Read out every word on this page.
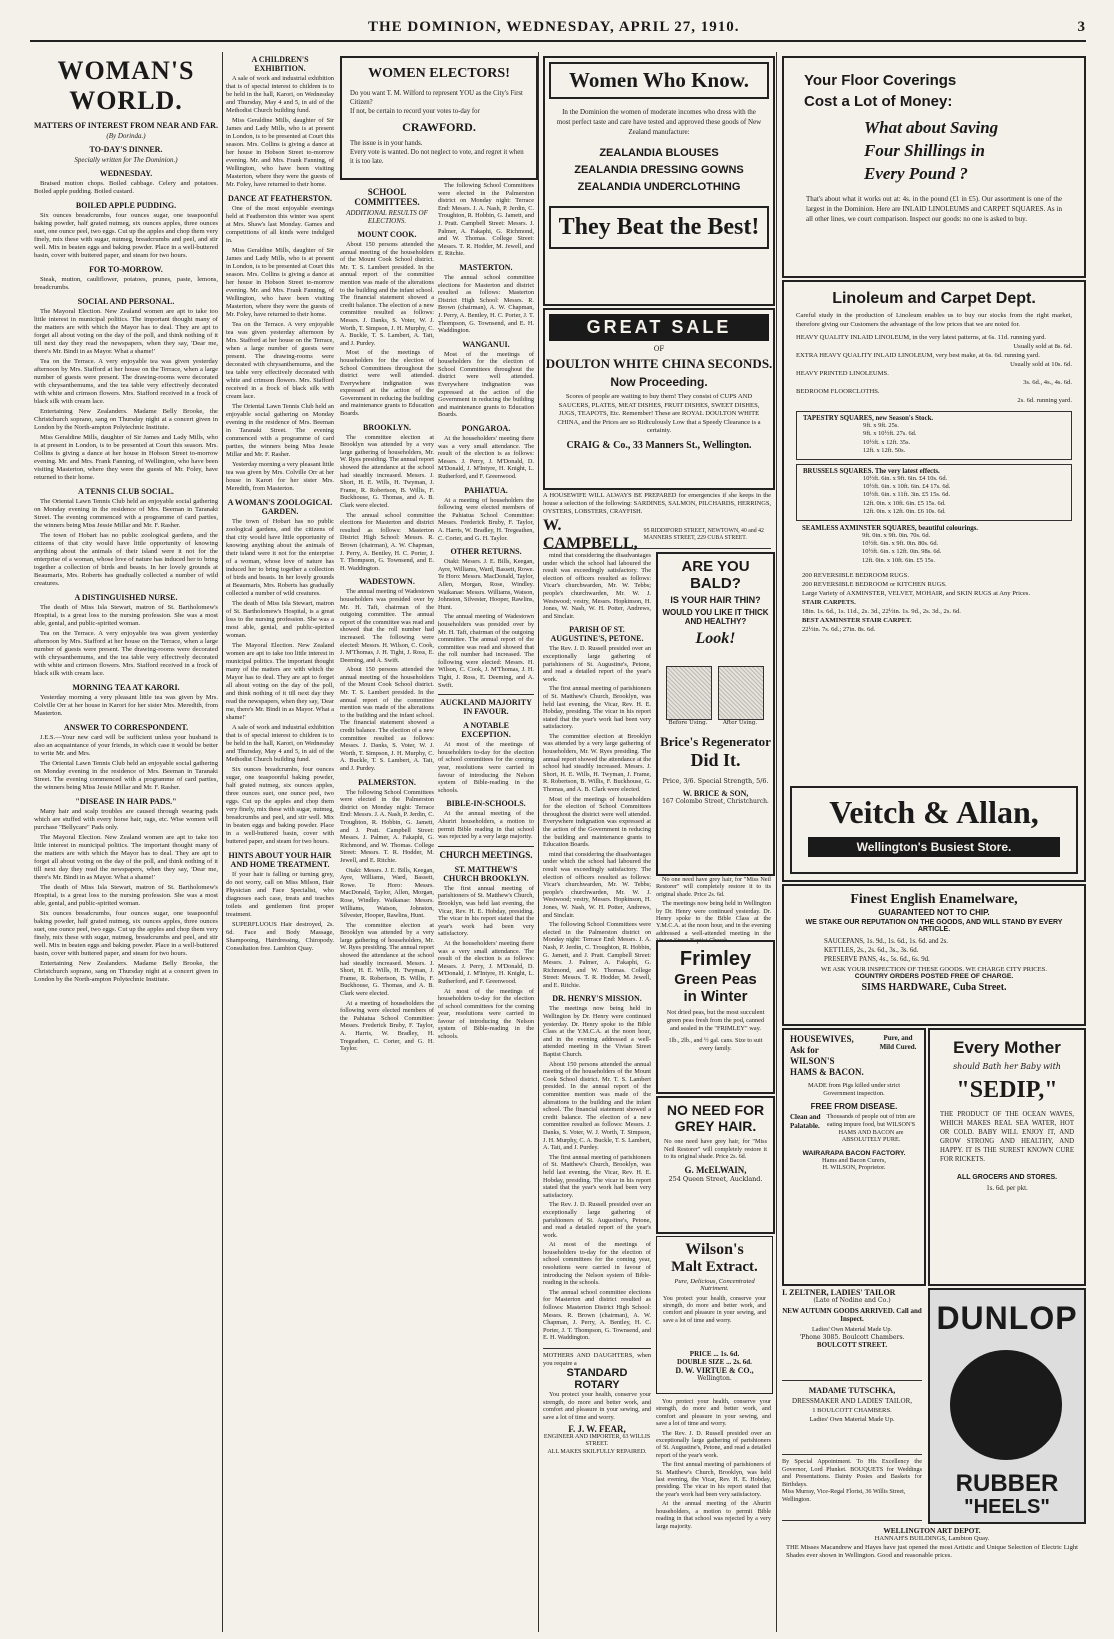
THE DOMINION, WEDNESDAY, APRIL 27, 1910.	3
WOMAN'S WORLD.
MATTERS OF INTEREST FROM NEAR AND FAR.
(By Dorinda.)
TO-DAY'S DINNER.
Specially written for The Dominion.)
WEDNESDAY.

Braised mutton chops. Boiled cabbage. Celery and potatoes. Boiled apple pudding. Boiled custard.

BOILED APPLE PUDDING.

Six ounces breadcrumbs, four ounces sugar, one teaspoonful baking powder, half grated nutmeg, six ounces apples, three ounces suet, one ounce peel, two eggs. Cut up the apples and chop them very finely, mix these with sugar, nutmeg, breadcrumbs and peel, and stir well. Mix in beaten eggs and baking powder. Place in a well-buttered basin, cover with buttered paper, and steam for two hours.

FOR TO-MORROW.

Steak, mutton, cauliflower, potatoes, prunes, paste, lemons, breadcrumbs.

SOCIAL AND PERSONAL.

The Mayoral Election. New Zealand women are apt to take too little interest in municipal politics. The important thought many of the matters are with which the Mayor has to deal. They are apt to forget all about voting on the day of the poll, and think nothing of it till next day they read the newspapers, when they say, 'Dear me, there's Mr. Bindi in as Mayor. What a shame!'

Tea on the Terrace. A very enjoyable tea was given yesterday afternoon by Mrs. Stafford at her house on the Terrace, when a large number of guests were present. The drawing-rooms were decorated with chrysanthemums, and the tea table very effectively decorated with white and crimson flowers. Mrs. Stafford received in a frock of black silk with cream lace.

Entertaining New Zealanders. Madame Belly Brooke, the Christchurch soprano, sang on Thursday night at a concert given in London by the North-ampton Polytechnic Institute.

Miss Geraldine Mills, daughter of Sir James and Lady Mills, who is at present in London, is to be presented at Court this season. Mrs. Collins is giving a dance at her house in Hobson Street to-morrow evening. Mr. and Mrs. Frank Fanning, of Wellington, who have been visiting Masterton, where they were the guests of Mr. Foley, have returned to their home.

A TENNIS CLUB SOCIAL.

The Oriental Lawn Tennis Club held an enjoyable social gathering on Monday evening in the residence of Mrs. Beeman in Taranaki Street. The evening commenced with a programme of card parties, the winners being Miss Jessie Millar and Mr. F. Rasher.

The town of Hobart has no public zoological gardens, and the citizens of that city would have little opportunity of knowing anything about the animals of their island were it not for the enterprise of a woman, whose love of nature has induced her to bring together a collection of birds and beasts. In her lovely grounds at Beaumaris, Mrs. Roberts has gradually collected a number of wild creatures.

A DISTINGUISHED NURSE.

The death of Miss Isla Stewart, matron of St. Bartholomew's Hospital, is a great loss to the nursing profession. She was a most able, genial, and public-spirited woman.

Tea on the Terrace. A very enjoyable tea was given yesterday afternoon by Mrs. Stafford at her house on the Terrace, when a large number of guests were present. The drawing-rooms were decorated with chrysanthemums, and the tea table very effectively decorated with white and crimson flowers. Mrs. Stafford received in a frock of black silk with cream lace.

MORNING TEA AT KARORI.

Yesterday morning a very pleasant little tea was given by Mrs. Colville Orr at her house in Karori for her sister Mrs. Meredith, from Masterton.

ANSWER TO CORRESPONDENT.

J.E.S.—Your new card will be sufficient unless your husband is also an acquaintance of your friends, in which case it would be better to write Mr. and Mrs.

The Oriental Lawn Tennis Club held an enjoyable social gathering on Monday evening in the residence of Mrs. Beeman in Taranaki Street. The evening commenced with a programme of card parties, the winners being Miss Jessie Millar and Mr. F. Rasher.

"DISEASE IN HAIR PADS."

Many hair and scalp troubles are caused through wearing pads which are stuffed with every horse hair, rags, etc. Wise women will purchase "Bellycare" Pads only.

The Mayoral Election. New Zealand women are apt to take too little interest in municipal politics. The important thought many of the matters are with which the Mayor has to deal. They are apt to forget all about voting on the day of the poll, and think nothing of it till next day they read the newspapers, when they say, 'Dear me, there's Mr. Bindi in as Mayor. What a shame!'

The death of Miss Isla Stewart, matron of St. Bartholomew's Hospital, is a great loss to the nursing profession. She was a most able, genial, and public-spirited woman.

Six ounces breadcrumbs, four ounces sugar, one teaspoonful baking powder, half grated nutmeg, six ounces apples, three ounces suet, one ounce peel, two eggs. Cut up the apples and chop them very finely, mix these with sugar, nutmeg, breadcrumbs and peel, and stir well. Mix in beaten eggs and baking powder. Place in a well-buttered basin, cover with buttered paper, and steam for two hours.

Entertaining New Zealanders. Madame Belly Brooke, the Christchurch soprano, sang on Thursday night at a concert given in London by the North-ampton Polytechnic Institute.

A CHILDREN'S EXHIBITION.

A sale of work and industrial exhibition that is of special interest to children is to be held in the hall, Karori, on Wednesday and Thursday, May 4 and 5, in aid of the Methodist Church building fund.

Miss Geraldine Mills, daughter of Sir James and Lady Mills, who is at present in London, is to be presented at Court this season. Mrs. Collins is giving a dance at her house in Hobson Street to-morrow evening. Mr. and Mrs. Frank Fanning, of Wellington, who have been visiting Masterton, where they were the guests of Mr. Foley, have returned to their home.

DANCE AT FEATHERSTON.

One of the most enjoyable evenings held at Featherston this winter was spent at Mrs. Shaw's last Monday. Games and competitions of all kinds were indulged in.

Miss Geraldine Mills, daughter of Sir James and Lady Mills, who is at present in London, is to be presented at Court this season. Mrs. Collins is giving a dance at her house in Hobson Street to-morrow evening. Mr. and Mrs. Frank Fanning, of Wellington, who have been visiting Masterton, where they were the guests of Mr. Foley, have returned to their home.

Tea on the Terrace. A very enjoyable tea was given yesterday afternoon by Mrs. Stafford at her house on the Terrace, when a large number of guests were present. The drawing-rooms were decorated with chrysanthemums, and the tea table very effectively decorated with white and crimson flowers. Mrs. Stafford received in a frock of black silk with cream lace.

The Oriental Lawn Tennis Club held an enjoyable social gathering on Monday evening in the residence of Mrs. Beeman in Taranaki Street. The evening commenced with a programme of card parties, the winners being Miss Jessie Millar and Mr. F. Rasher.

Yesterday morning a very pleasant little tea was given by Mrs. Colville Orr at her house in Karori for her sister Mrs. Meredith, from Masterton.

A WOMAN'S ZOOLOGICAL GARDEN.

The town of Hobart has no public zoological gardens, and the citizens of that city would have little opportunity of knowing anything about the animals of their island were it not for the enterprise of a woman, whose love of nature has induced her to bring together a collection of birds and beasts. In her lovely grounds at Beaumaris, Mrs. Roberts has gradually collected a number of wild creatures.

The death of Miss Isla Stewart, matron of St. Bartholomew's Hospital, is a great loss to the nursing profession. She was a most able, genial, and public-spirited woman.

The Mayoral Election. New Zealand women are apt to take too little interest in municipal politics. The important thought many of the matters are with which the Mayor has to deal. They are apt to forget all about voting on the day of the poll, and think nothing of it till next day they read the newspapers, when they say, 'Dear me, there's Mr. Bindi in as Mayor. What a shame!'

A sale of work and industrial exhibition that is of special interest to children is to be held in the hall, Karori, on Wednesday and Thursday, May 4 and 5, in aid of the Methodist Church building fund.

Six ounces breadcrumbs, four ounces sugar, one teaspoonful baking powder, half grated nutmeg, six ounces apples, three ounces suet, one ounce peel, two eggs. Cut up the apples and chop them very finely, mix these with sugar, nutmeg, breadcrumbs and peel, and stir well. Mix in beaten eggs and baking powder. Place in a well-buttered basin, cover with buttered paper, and steam for two hours.

HINTS ABOUT YOUR HAIR AND HOME TREATMENT.

If your hair is falling or turning grey, do not worry, call on Miss Milson, Hair Physician and Face Specialist, who diagnoses each case, treats and teaches toilets and gentlemen first proper treatment.

SUPERFLUOUS Hair destroyed, 2s. 6d. Face and Body Massage, Shampooing, Hairdressing, Chiropody. Consultation free. Lambton Quay.

WOMEN ELECTORS!
Do you want T. M. Wilford to represent YOU as the City's First Citizen?
If not, be certain to record your votes to-day for
CRAWFORD.
The issue is in your hands.
Every vote is wanted. Do not neglect to vote, and regret it when it is too late.
SCHOOL COMMITTEES.
ADDITIONAL RESULTS OF ELECTIONS.
MOUNT COOK.

About 150 persons attended the annual meeting of the householders of the Mount Cook School district. Mr. T. S. Lambert presided. In the annual report of the committee mention was made of the alterations to the building and the infant school. The financial statement showed a credit balance. The election of a new committee resulted as follows: Messrs. J. Danks, S. Voter, W. J. Worth, T. Simpson, J. H. Murphy, C. A. Buckle, T. S. Lambert, A. Tait, and J. Purdey.

Most of the meetings of householders for the election of School Committees throughout the district were well attended. Everywhere indignation was expressed at the action of the Government in reducing the building and maintenance grants to Education Boards.

BROOKLYN.

The committee election at Brooklyn was attended by a very large gathering of householders, Mr. W. Ryes presiding. The annual report showed the attendance at the school had steadily increased. Messrs. J. Short, H. E. Wills, H. Twyman, J. Frame, R. Robertson, B. Willis, F. Buckhouse, G. Thomas, and A. B. Clark were elected.

The annual school committee elections for Masterton and district resulted as follows: Masterton District High School: Messrs. R. Brown (chairman), A. W. Chapman, J. Perry, A. Bentley, H. C. Porter, J. T. Thompson, G. Townsend, and E. H. Waddington.

WADESTOWN.

The annual meeting of Wadestown householders was presided over by Mr. H. Taft, chairman of the outgoing committee. The annual report of the committee was read and showed that the roll number had increased. The following were elected: Messrs. H. Wilson, C. Cook, J. M'Thomas, J. H. Tight, J. Ross, E. Deeming, and A. Swift.

About 150 persons attended the annual meeting of the householders of the Mount Cook School district. Mr. T. S. Lambert presided. In the annual report of the committee mention was made of the alterations to the building and the infant school. The financial statement showed a credit balance. The election of a new committee resulted as follows: Messrs. J. Danks, S. Voter, W. J. Worth, T. Simpson, J. H. Murphy, C. A. Buckle, T. S. Lambert, A. Tait, and J. Purdey.

PALMERSTON.

The following School Committees were elected in the Palmerston district on Monday night: Terrace End: Messrs. J. A. Nash, P. Jerdin, C. Troughton, R. Hobbin, G. Jamett, and J. Pratt. Campbell Street: Messrs. J. Palmer, A. Fakaphi, G. Richmond, and W. Thomas. College Street: Messrs. T. R. Hodder, M. Jewell, and E. Ritchie.

Otaki: Messrs. J. E. Bills, Keegan, Ayre, Williams, Ward, Bassett, Rowe. Te Horo: Messrs. MacDonald, Taylor, Allen, Morgan, Rose, Windley. Waikanae: Messrs. Williams, Watson, Johnston, Silvester, Hooper, Rawlins, Hunt.

The committee election at Brooklyn was attended by a very large gathering of householders, Mr. W. Ryes presiding. The annual report showed the attendance at the school had steadily increased. Messrs. J. Short, H. E. Wills, H. Twyman, J. Frame, R. Robertson, B. Willis, F. Buckhouse, G. Thomas, and A. B. Clark were elected.

At a meeting of householders the following were elected members of the Pahiatua School Committee: Messrs. Frederick Bruby, F. Taylor, A. Harris, W. Bradley, H. Tregeathen, C. Corter, and G. H. Taylor.

The following School Committees were elected in the Palmerston district on Monday night: Terrace End: Messrs. J. A. Nash, P. Jerdin, C. Troughton, R. Hobbin, G. Jamett, and J. Pratt. Campbell Street: Messrs. J. Palmer, A. Fakaphi, G. Richmond, and W. Thomas. College Street: Messrs. T. R. Hodder, M. Jewell, and E. Ritchie.

MASTERTON.

The annual school committee elections for Masterton and district resulted as follows: Masterton District High School: Messrs. R. Brown (chairman), A. W. Chapman, J. Perry, A. Bentley, H. C. Porter, J. T. Thompson, G. Townsend, and E. H. Waddington.

WANGANUI.

Most of the meetings of householders for the election of School Committees throughout the district were well attended. Everywhere indignation was expressed at the action of the Government in reducing the building and maintenance grants to Education Boards.

PONGAROA.

At the householders' meeting there was a very small attendance. The result of the election is as follows: Messrs. J. Perry, J. M'Donald, D. M'Donald, J. M'Intyre, H. Knight, L. Rutherford, and F. Greenwood.

PAHIATUA.

At a meeting of householders the following were elected members of the Pahiatua School Committee: Messrs. Frederick Bruby, F. Taylor, A. Harris, W. Bradley, H. Tregeathen, C. Corter, and G. H. Taylor.

OTHER RETURNS.

Otaki: Messrs. J. E. Bills, Keegan, Ayre, Williams, Ward, Bassett, Rowe. Te Horo: Messrs. MacDonald, Taylor, Allen, Morgan, Rose, Windley. Waikanae: Messrs. Williams, Watson, Johnston, Silvester, Hooper, Rawlins, Hunt.

The annual meeting of Wadestown householders was presided over by Mr. H. Taft, chairman of the outgoing committee. The annual report of the committee was read and showed that the roll number had increased. The following were elected: Messrs. H. Wilson, C. Cook, J. M'Thomas, J. H. Tight, J. Ross, E. Deeming, and A. Swift.

AUCKLAND MAJORITY IN FAVOUR.
A NOTABLE EXCEPTION.

At most of the meetings of householders to-day for the election of school committees for the coming year, resolutions were carried in favour of introducing the Nelson system of Bible-reading in the schools.

BIBLE-IN-SCHOOLS.

At the annual meeting of the Ahuriri householders, a motion to permit Bible reading in that school was rejected by a very large majority.

CHURCH MEETINGS.
ST. MATTHEW'S CHURCH BROOKLYN.

The first annual meeting of parishioners of St. Matthew's Church, Brooklyn, was held last evening, the Vicar, Rev. H. E. Hobday, presiding. The vicar in his report stated that the year's work had been very satisfactory.

At the householders' meeting there was a very small attendance. The result of the election is as follows: Messrs. J. Perry, J. M'Donald, D. M'Donald, J. M'Intyre, H. Knight, L. Rutherford, and F. Greenwood.

At most of the meetings of householders to-day for the election of school committees for the coming year, resolutions were carried in favour of introducing the Nelson system of Bible-reading in the schools.

Women Who Know.
In the Dominion the women of moderate incomes who dress with the most perfect taste and care have tested and approved these goods of New Zealand manufacture:
ZEALANDIA BLOUSES
ZEALANDIA DRESSING GOWNS
ZEALANDIA UNDERCLOTHING
They Beat the Best!
GREAT SALE
OF
DOULTON WHITE CHINA SECONDS.
Now Proceeding.
Scores of people are waiting to buy them! They consist of CUPS AND SAUCERS, PLATES, MEAT DISHES, FRUIT DISHES, SWEET DISHES, JUGS, TEAPOTS, Etc. Remember! These are ROYAL DOULTON WHITE CHINA, and the Prices are so Ridiculously Low that a Speedy Clearance is a certainty.
CRAIG & Co., 33 Manners St., Wellington.
A HOUSEWIFE WILL ALWAYS BE PREPARED for emergencies if she keeps in the house a selection of the following: SARDINES, SALMON, PILCHARDS, HERRINGS, OYSTERS, LOBSTERS, CRAYFISH.
W. CAMPBELL,
95 RIDDIFORD STREET, NEWTOWN, 40 and 42 MANNERS STREET, 229 CUBA STREET.

mind that considering the disadvantages under which the school had laboured the result was exceedingly satisfactory. The election of officers resulted as follows: Vicar's churchwarden, Mr. W. Tebbs; people's churchwarden, Mr. W. J. Westwood; vestry, Messrs. Hopkinson, H. Jones, W. Nash, W. H. Potter, Andrews, and Sinclair.

PARISH OF ST. AUGUSTINE'S, PETONE.

The Rev. J. D. Russell presided over an exceptionally large gathering of parishioners of St. Augustine's, Petone, and read a detailed report of the year's work.

The first annual meeting of parishioners of St. Matthew's Church, Brooklyn, was held last evening, the Vicar, Rev. H. E. Hobday, presiding. The vicar in his report stated that the year's work had been very satisfactory.

The committee election at Brooklyn was attended by a very large gathering of householders, Mr. W. Ryes presiding. The annual report showed the attendance at the school had steadily increased. Messrs. J. Short, H. E. Wills, H. Twyman, J. Frame, R. Robertson, B. Willis, F. Buckhouse, G. Thomas, and A. B. Clark were elected.

Most of the meetings of householders for the election of School Committees throughout the district were well attended. Everywhere indignation was expressed at the action of the Government in reducing the building and maintenance grants to Education Boards.

mind that considering the disadvantages under which the school had laboured the result was exceedingly satisfactory. The election of officers resulted as follows: Vicar's churchwarden, Mr. W. Tebbs; people's churchwarden, Mr. W. J. Westwood; vestry, Messrs. Hopkinson, H. Jones, W. Nash, W. H. Potter, Andrews, and Sinclair.

The following School Committees were elected in the Palmerston district on Monday night: Terrace End: Messrs. J. A. Nash, P. Jerdin, C. Troughton, R. Hobbin, G. Jamett, and J. Pratt. Campbell Street: Messrs. J. Palmer, A. Fakaphi, G. Richmond, and W. Thomas. College Street: Messrs. T. R. Hodder, M. Jewell, and E. Ritchie.

DR. HENRY'S MISSION.

The meetings now being held in Wellington by Dr. Henry were continued yesterday. Dr. Henry spoke to the Bible Class at the Y.M.C.A. at the noon hour, and in the evening addressed a well-attended meeting in the Vivian Street Baptist Church.

About 150 persons attended the annual meeting of the householders of the Mount Cook School district. Mr. T. S. Lambert presided. In the annual report of the committee mention was made of the alterations to the building and the infant school. The financial statement showed a credit balance. The election of a new committee resulted as follows: Messrs. J. Danks, S. Voter, W. J. Worth, T. Simpson, J. H. Murphy, C. A. Buckle, T. S. Lambert, A. Tait, and J. Purdey.

The first annual meeting of parishioners of St. Matthew's Church, Brooklyn, was held last evening, the Vicar, Rev. H. E. Hobday, presiding. The vicar in his report stated that the year's work had been very satisfactory.

The Rev. J. D. Russell presided over an exceptionally large gathering of parishioners of St. Augustine's, Petone, and read a detailed report of the year's work.

At most of the meetings of householders to-day for the election of school committees for the coming year, resolutions were carried in favour of introducing the Nelson system of Bible-reading in the schools.

The annual school committee elections for Masterton and district resulted as follows: Masterton District High School: Messrs. R. Brown (chairman), A. W. Chapman, J. Perry, A. Bentley, H. C. Porter, J. T. Thompson, G. Townsend, and E. H. Waddington.

MOTHERS AND DAUGHTERS, when you require a
STANDARD ROTARY

You protect your health, conserve your strength, do more and better work, and comfort and pleasure in your sewing, and save a lot of time and worry.

F. J. W. FEAR,
ENGINEER AND IMPORTER, 63 WILLIS STREET.
ALL MAKES SKILFULLY REPAIRED.
ARE YOU BALD?
IS YOUR HAIR THIN?
WOULD YOU LIKE IT THICK AND HEALTHY?
Look!
Before Using.	After Using.
Brice's Regenerator
Did It.
Price, 3/6. Special Strength, 5/6.
W. BRICE & SON,
167 Colombo Street, Christchurch.

No one need have grey hair, for "Miss Neil Restorer" will completely restore it to its original shade. Price 2s. 6d.

The meetings now being held in Wellington by Dr. Henry were continued yesterday. Dr. Henry spoke to the Bible Class at the Y.M.C.A. at the noon hour, and in the evening addressed a well-attended meeting in the Vivian Street Baptist Church.

Frimley
Green Peas
in Winter
Not dried peas, but the most succulent green peas fresh from the pod, canned and sealed in the "FRIMLEY" way.
1lb., 2lb., and ½ gal. cans. Size to suit every family.
NO NEED FOR GREY HAIR.
No one need have grey hair, for "Miss Neil Restorer" will completely restore it to its original shade. Price 2s. 6d.
G. McELWAIN,
254 Queen Street, Auckland.
Wilson's
Malt Extract.
Pure, Delicious, Concentrated Nutriment.
You protect your health, conserve your strength, do more and better work, and comfort and pleasure in your sewing, and save a lot of time and worry.
PRICE ... 1s. 6d.
DOUBLE SIZE ... 2s. 6d.
D. W. VIRTUE & CO.,
Wellington.

You protect your health, conserve your strength, do more and better work, and comfort and pleasure in your sewing, and save a lot of time and worry.

The Rev. J. D. Russell presided over an exceptionally large gathering of parishioners of St. Augustine's, Petone, and read a detailed report of the year's work.

The first annual meeting of parishioners of St. Matthew's Church, Brooklyn, was held last evening, the Vicar, Rev. H. E. Hobday, presiding. The vicar in his report stated that the year's work had been very satisfactory.

At the annual meeting of the Ahuriri householders, a motion to permit Bible reading in that school was rejected by a very large majority.

Your Floor Coverings
Cost a Lot of Money:
What about Saving
Four Shillings in
Every Pound ?
That's about what it works out at: 4s. in the pound (£1 in £5). Our assortment is one of the largest in the Dominion. Here are INLAID LINOLEUMS and CARPET SQUARES. As in all other lines, we court comparison. Inspect our goods: no one is asked to buy.
Linoleum and Carpet Dept.
Careful study in the production of Linoleum enables us to buy our stocks from the right market, therefore giving our Customers the advantage of the low prices that we are noted for.
HEAVY QUALITY INLAID LINOLEUM, in the very latest patterns, at 6s. 11d. running yard.
Usually sold at 8s. 6d.
EXTRA HEAVY QUALITY INLAID LINOLEUM, very best make, at 6s. 6d. running yard.
Usually sold at 10s. 6d.
HEAVY PRINTED LINOLEUMS.
3s. 6d., 4s., 4s. 6d.
BEDROOM FLOORCLOTHS.
2s. 6d. running yard.
TAPESTRY SQUARES, new Season's Stock.
9ft. x 9ft. 25s.
9ft. x 10½ft. 27s. 6d.
10½ft. x 12ft. 35s.
12ft. x 12ft. 50s.
BRUSSELS SQUARES. The very latest effects.
10½ft. 6in. x 9ft. 6in. £4 10s. 6d.
10½ft. 6in. x 10ft. 6in. £4 17s. 6d.
10½ft. 6in. x 11ft. 3in. £5 15s. 6d.
12ft. 0in. x 10ft. 6in. £5 15s. 6d.
12ft. 0in. x 12ft. 0in. £6 10s. 6d.
SEAMLESS AXMINSTER SQUARES, beautiful colourings.
9ft. 0in. x 9ft. 0in. 70s. 6d.
10½ft. 6in. x 9ft. 0in. 80s. 6d.
10½ft. 6in. x 12ft. 0in. 98s. 6d.
12ft. 0in. x 10ft. 6in. £5 15s.
200 REVERSIBLE BEDROOM RUGS.
200 REVERSIBLE BEDROOM or KITCHEN RUGS.
Large Variety of AXMINSTER, VELVET, MOHAIR, and SKIN RUGS at Any Prices.
STAIR CARPETS.
18in. 1s. 6d., 1s. 11d., 2s. 3d., 22½in. 1s. 9d., 2s. 3d., 2s. 6d.
BEST AXMINSTER STAIR CARPET.
22½in. 7s. 6d.; 27in. 8s. 6d.
Veitch & Allan,
Wellington's Busiest Store.
Finest English Enamelware,
GUARANTEED NOT TO CHIP.
WE STAKE OUR REPUTATION ON THE GOODS, AND WILL STAND BY EVERY ARTICLE.
SAUCEPANS, 1s. 9d., 1s. 6d., 1s. 6d. and 2s.
KETTLES, 2s., 2s. 6d., 3s., 3s. 6d.
PRESERVE PANS, 4s., 5s. 6d., 6s. 9d.
WE ASK YOUR INSPECTION OF THESE GOODS. WE CHARGE CITY PRICES.
COUNTRY ORDERS POSTED FREE OF CHARGE.
SIMS HARDWARE, Cuba Street.
HOUSEWIVES,
Ask for
WILSON'S
HAMS & BACON.
Pure, and Mild Cured.
MADE from Pigs killed under strict Government inspection.
FREE FROM DISEASE.
Clean and Palatable.
Thousands of people out of trim are eating impure food, but WILSON'S HAMS AND BACON are ABSOLUTELY PURE.
WAIRARAPA BACON FACTORY.
Hams and Bacon Curers,
H. WILSON, Proprietor.
Every Mother
should Bath her Baby with
"SEDIP,"
THE PRODUCT OF THE OCEAN WAVES, WHICH MAKES REAL SEA WATER, HOT OR COLD. BABY WILL ENJOY IT, AND GROW STRONG AND HEALTHY, AND HAPPY. IT IS THE SUREST KNOWN CURE FOR RICKETS.
ALL GROCERS AND STORES.
1s. 6d. per pkt.
I. ZELTNER, LADIES' TAILOR
(Late of Nodine and Co.)
NEW AUTUMN GOODS ARRIVED. Call and Inspect.
Ladies' Own Material Made Up.
'Phone 3085. Boulcott Chambers.
BOULCOTT STREET.
MADAME TUTSCHKA,
DRESSMAKER AND LADIES' TAILOR,
1 BOULCOTT CHAMBERS.
Ladies' Own Material Made Up.
By Special Appointment. To His Excellency the Governor, Lord Plunket. BOUQUETS for Weddings and Presentations. Dainty Posies and Baskets for Birthdays.
Miss Murray, Vice-Regal Florist, 36 Willis Street, Wellington.
DUNLOP
RUBBER
"HEELS"
WELLINGTON ART DEPOT.
HANNAH'S BUILDINGS, Lambton Quay.
THE Misses Macandrew and Hayes have just opened the most Artistic and Unique Selection of Electric Light Shades ever shown in Wellington. Good and reasonable prices.
